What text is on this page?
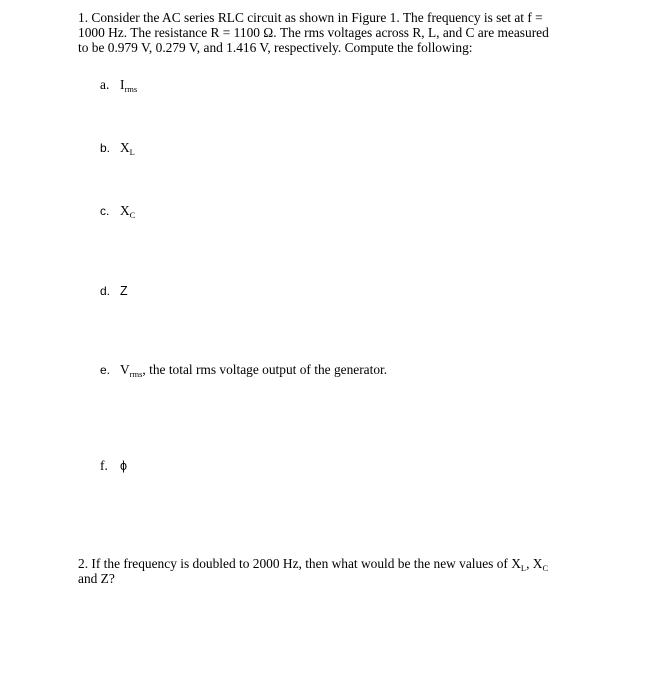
1. Consider the AC series RLC circuit as shown in Figure 1. The frequency is set at f =

1000 Hz. The resistance R = 1100 Ω. The rms voltages across R, L, and C are measured

to be 0.979 V, 0.279 V, and 1.416 V, respectively. Compute the following:

a. $I_{rms}$
b. $X_L$
c. $X_C$
d. Z
e. $V_{rms}$, the total rms voltage output of the generator.
f. ϕ

2. If the frequency is doubled to 2000 Hz, then what would be the new values of $X_L$, $X_C$

and Z?
